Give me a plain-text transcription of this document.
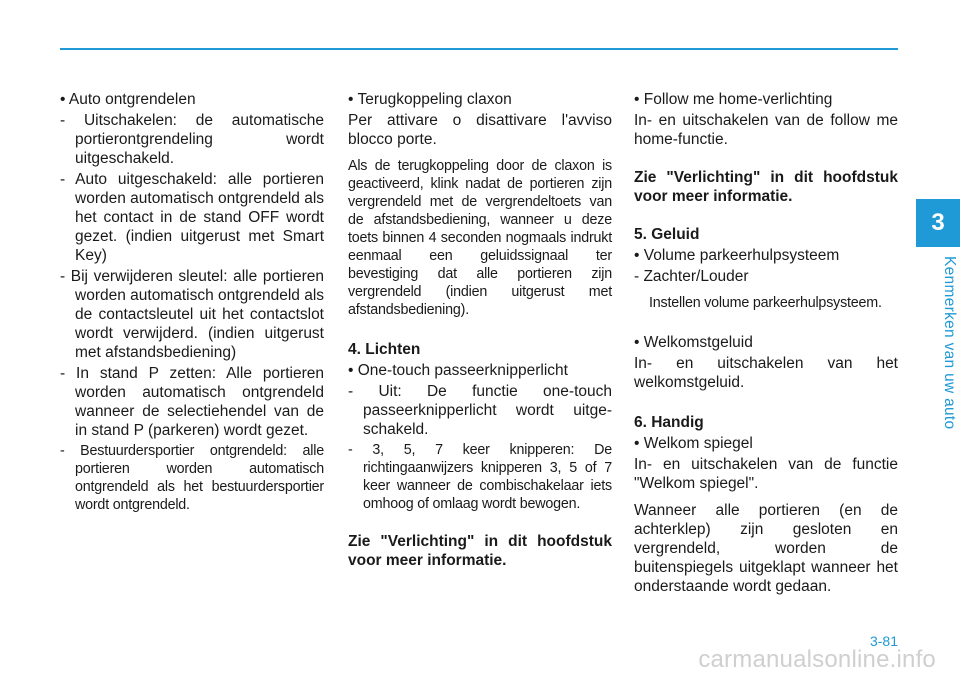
3
Kenmerken van uw auto

• Auto ontgrendelen

- Uitschakelen: de automatische portierontgrendeling wordt uitgeschakeld.

- Auto uitgeschakeld: alle portieren worden automatisch ontgrendeld als het contact in de stand OFF wordt gezet. (indien uitgerust met Smart Key)

- Bij verwijderen sleutel: alle portieren worden automatisch ontgrendeld als de contactsleutel uit het contactslot wordt verwijderd. (indien uitgerust met afstandsbediening)

- In stand P zetten: Alle portieren worden automatisch ontgrendeld wanneer de selectiehendel van de in stand P (parkeren) wordt gezet.

- Bestuurdersportier ontgrendeld: alle portieren worden automatisch ontgrendeld als het bestuurdersportier wordt ontgrendeld.

• Terugkoppeling claxon

Per attivare o disattivare l'avviso blocco porte.

Als de terugkoppeling door de claxon is geactiveerd, klink nadat de portieren zijn vergrendeld met de vergrendeltoets van de afstandsbediening, wanneer u deze toets binnen 4 seconden nogmaals indrukt eenmaal een geluidssignaal ter bevestiging dat alle portieren zijn vergrendeld (indien uitgerust met afstandsbediening).

4. Lichten

• One-touch passeerknipperlicht

- Uit: De functie one-touch passeerknipperlicht wordt uitge- schakeld.

- 3, 5, 7 keer knipperen: De richtingaanwijzers knipperen 3, 5 of 7 keer wanneer de combischakelaar iets omhoog of omlaag wordt bewogen.

Zie "Verlichting" in dit hoofdstuk voor meer informatie.

• Follow me home-verlichting

In- en uitschakelen van de follow me home-functie.

Zie "Verlichting" in dit hoofdstuk voor meer informatie.

5. Geluid

• Volume parkeerhulpsysteem

- Zachter/Louder

Instellen volume parkeerhulpsysteem.

• Welkomstgeluid

In- en uitschakelen van het welkomstgeluid.

6. Handig

• Welkom spiegel

In- en uitschakelen van de functie "Welkom spiegel".

Wanneer alle portieren (en de achterklep) zijn gesloten en vergrendeld, worden de buitenspiegels uitgeklapt wanneer het onderstaande wordt gedaan.

3-81
carmanualsonline.info
